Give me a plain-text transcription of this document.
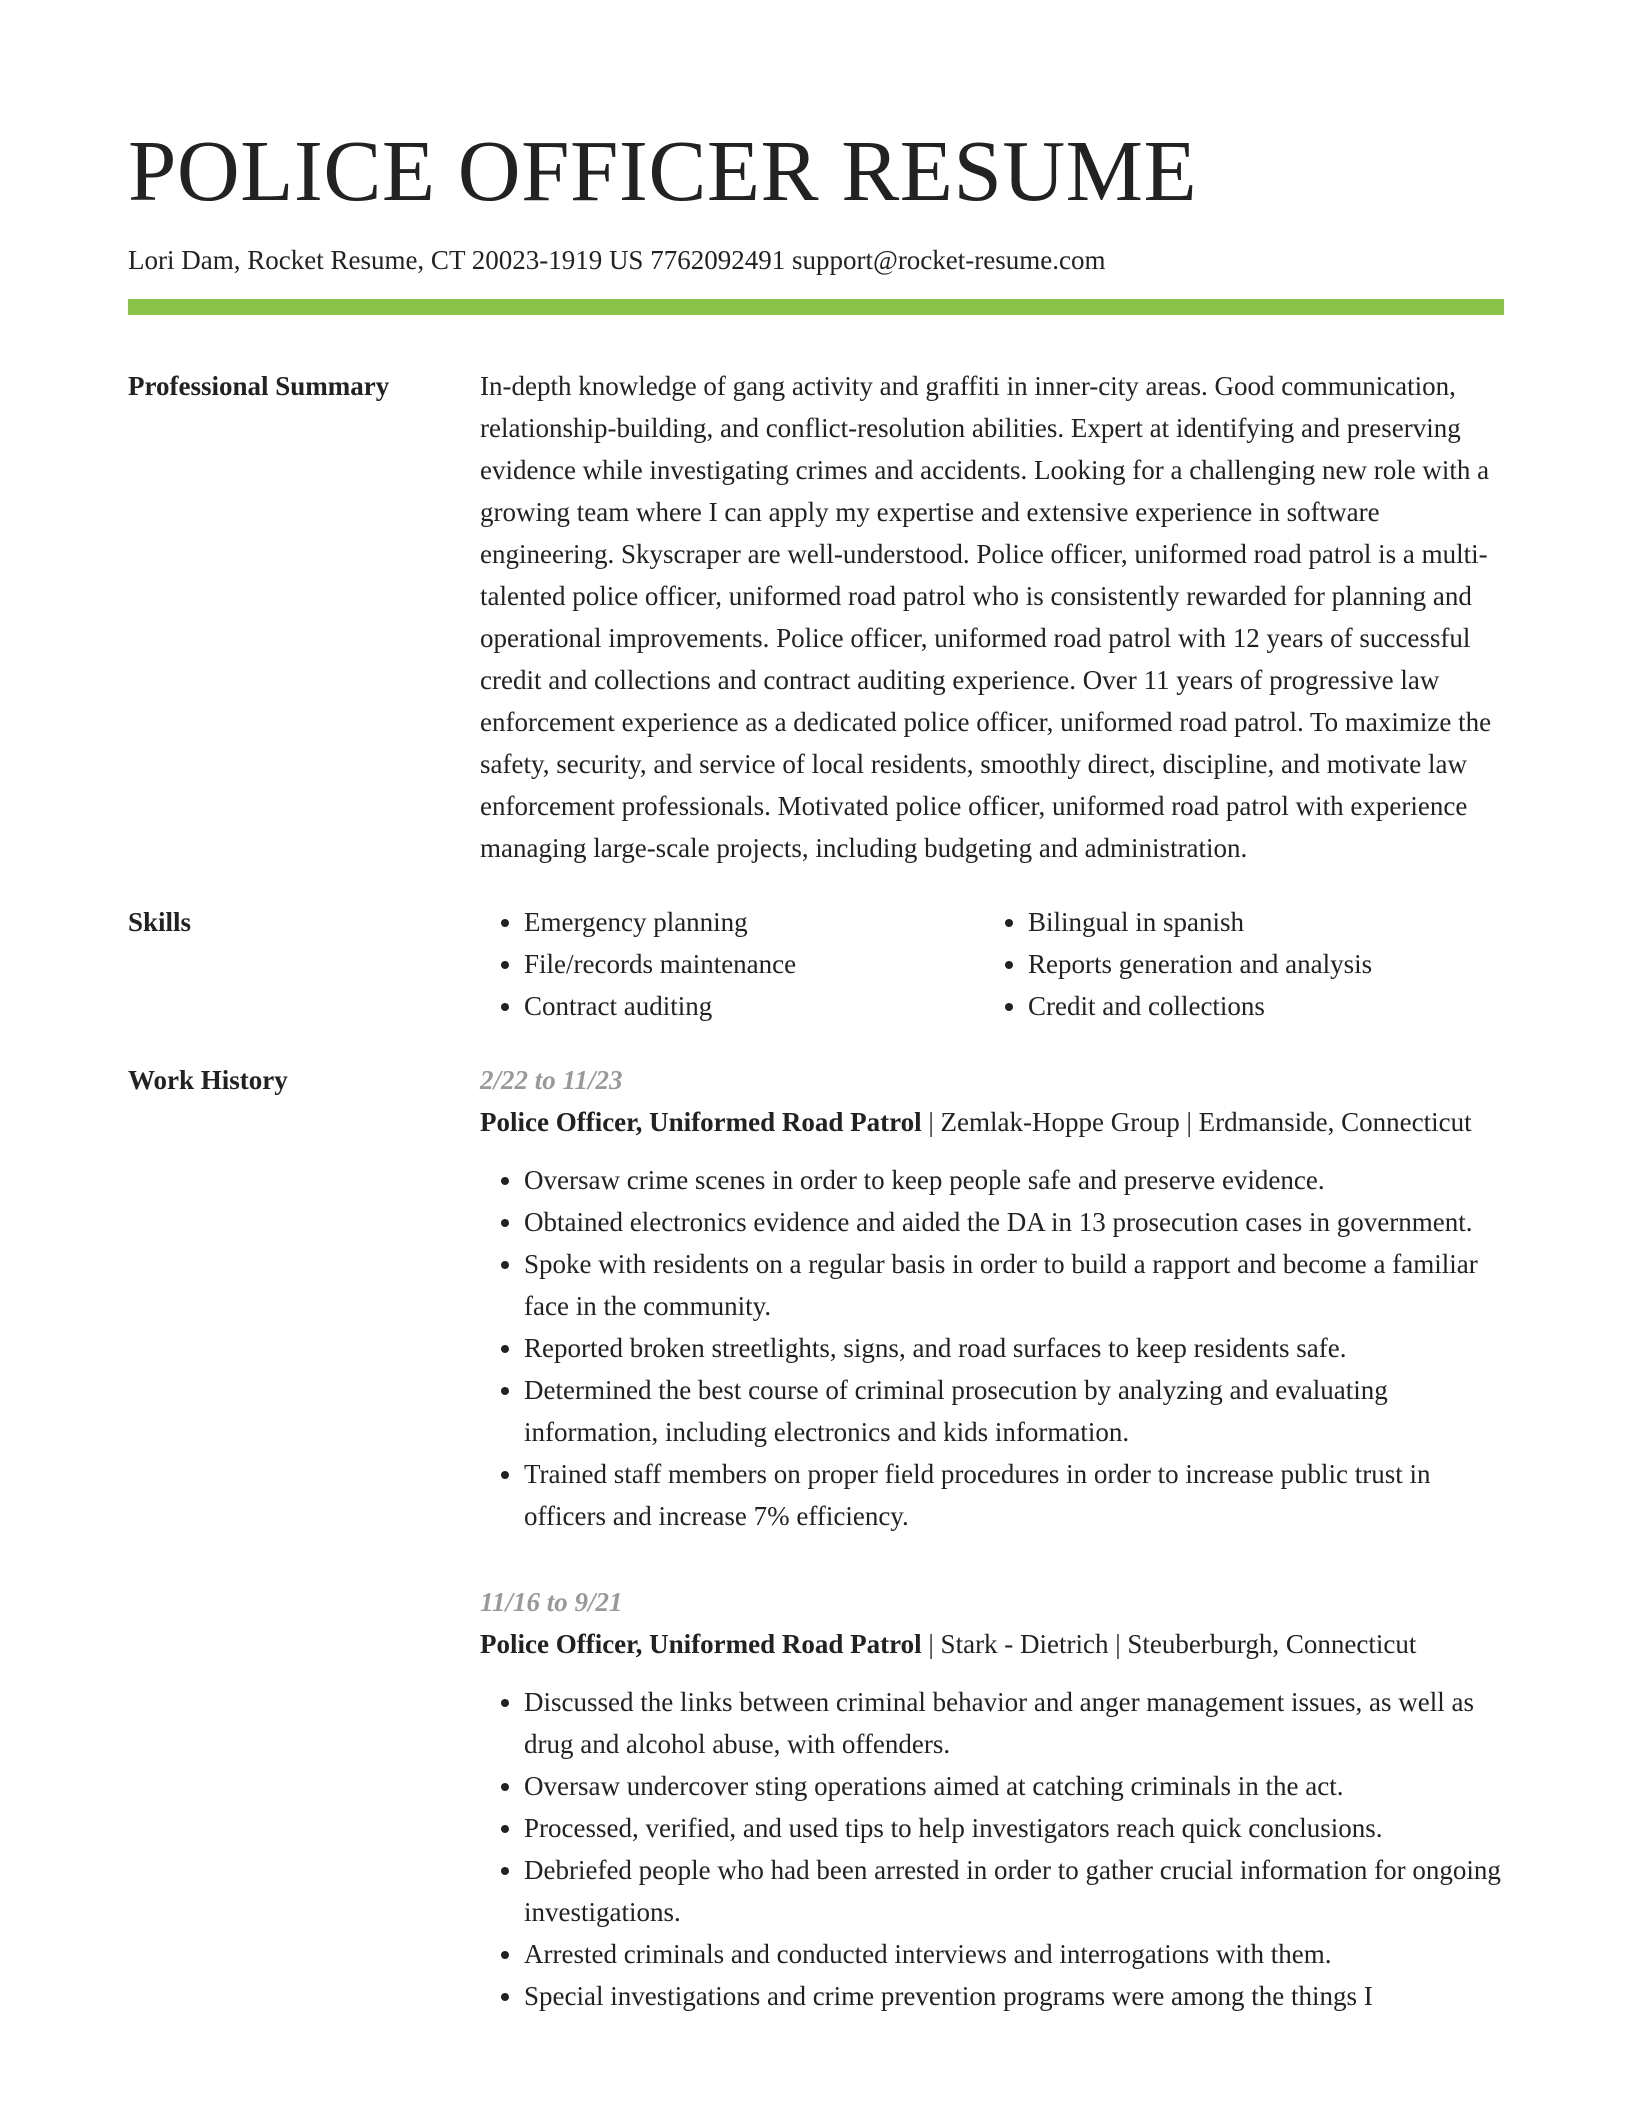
POLICE OFFICER RESUME
Lori Dam, Rocket Resume, CT 20023-1919 US 7762092491 support@rocket-resume.com
Professional Summary	In-depth knowledge of gang activity and graffiti in inner-city areas. Good communication, relationship-building, and conflict-resolution abilities. Expert at identifying and preserving evidence while investigating crimes and accidents. Looking for a challenging new role with a growing team where I can apply my expertise and extensive experience in software engineering. Skyscraper are well-understood. Police officer, uniformed road patrol is a multi-talented police officer, uniformed road patrol who is consistently rewarded for planning and operational improvements. Police officer, uniformed road patrol with 12 years of successful credit and collections and contract auditing experience. Over 11 years of progressive law enforcement experience as a dedicated police officer, uniformed road patrol. To maximize the safety, security, and service of local residents, smoothly direct, discipline, and motivate law enforcement professionals. Motivated police officer, uniformed road patrol with experience managing large-scale projects, including budgeting and administration.

Skills
•	Emergency planning
• File/records maintenance
• Contract auditing
• Bilingual in spanish
• Reports generation and analysis
• Credit and collections
Work History	2/22 to 11/23
Police Officer, Uniformed Road Patrol | Zemlak-Hoppe Group | Erdmanside, Connecticut
• Oversaw crime scenes in order to keep people safe and preserve evidence.
• Obtained electronics evidence and aided the DA in 13 prosecution cases in government.
• Spoke with residents on a regular basis in order to build a rapport and become a familiar face in the community.
• Reported broken streetlights, signs, and road surfaces to keep residents safe.
• Determined the best course of criminal prosecution by analyzing and evaluating information, including electronics and kids information.
• Trained staff members on proper field procedures in order to increase public trust in officers and increase 7% efficiency.
11/16 to 9/21
Police Officer, Uniformed Road Patrol | Stark - Dietrich | Steuberburgh, Connecticut
• Discussed the links between criminal behavior and anger management issues, as well as drug and alcohol abuse, with offenders.
• Oversaw undercover sting operations aimed at catching criminals in the act.
• Processed, verified, and used tips to help investigators reach quick conclusions.
• Debriefed people who had been arrested in order to gather crucial information for ongoing investigations.
• Arrested criminals and conducted interviews and interrogations with them.
• Special investigations and crime prevention programs were among the things I
